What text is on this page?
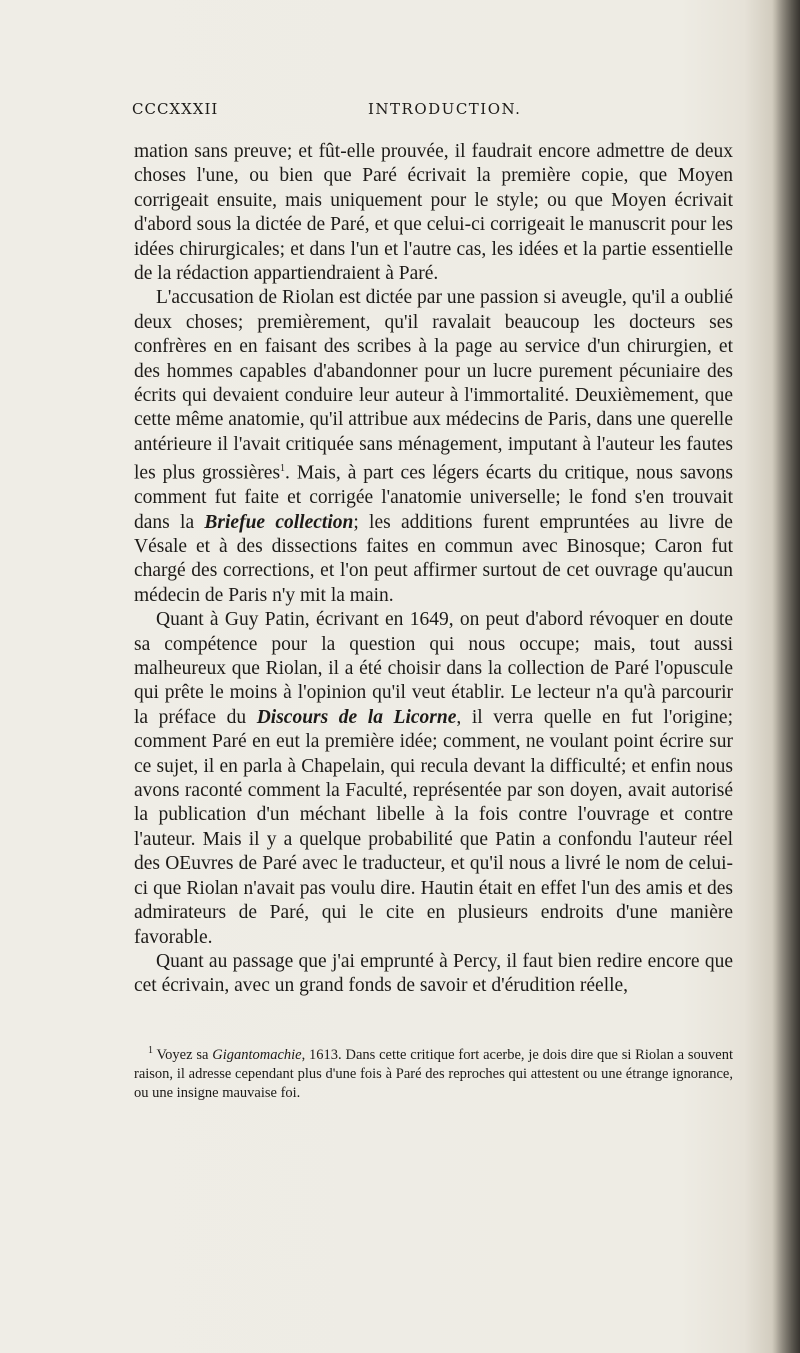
CCCXXXII	INTRODUCTION.

mation sans preuve; et fût-elle prouvée, il faudrait encore admettre de deux choses l'une, ou bien que Paré écrivait la première copie, que Moyen corrigeait ensuite, mais uniquement pour le style; ou que Moyen écrivait d'abord sous la dictée de Paré, et que celui-ci corrigeait le manuscrit pour les idées chirurgicales; et dans l'un et l'autre cas, les idées et la partie essentielle de la rédaction appartiendraient à Paré.

L'accusation de Riolan est dictée par une passion si aveugle, qu'il a oublié deux choses; premièrement, qu'il ravalait beaucoup les docteurs ses confrères en en faisant des scribes à la page au service d'un chirurgien, et des hommes capables d'abandonner pour un lucre purement pécuniaire des écrits qui devaient conduire leur auteur à l'immortalité. Deuxièmement, que cette même anatomie, qu'il attribue aux médecins de Paris, dans une querelle antérieure il l'avait critiquée sans ménagement, imputant à l'auteur les fautes les plus grossières$^1$. Mais, à part ces légers écarts du critique, nous savons comment fut faite et corrigée l'anatomie universelle; le fond s'en trouvait dans la Briefue collection; les additions furent empruntées au livre de Vésale et à des dissections faites en commun avec Binosque; Caron fut chargé des corrections, et l'on peut affirmer surtout de cet ouvrage qu'aucun médecin de Paris n'y mit la main.

Quant à Guy Patin, écrivant en 1649, on peut d'abord révoquer en doute sa compétence pour la question qui nous occupe; mais, tout aussi malheureux que Riolan, il a été choisir dans la collection de Paré l'opuscule qui prête le moins à l'opinion qu'il veut établir. Le lecteur n'a qu'à parcourir la préface du Discours de la Licorne, il verra quelle en fut l'origine; comment Paré en eut la première idée; comment, ne voulant point écrire sur ce sujet, il en parla à Chapelain, qui recula devant la difficulté; et enfin nous avons raconté comment la Faculté, représentée par son doyen, avait autorisé la publication d'un méchant libelle à la fois contre l'ouvrage et contre l'auteur. Mais il y a quelque probabilité que Patin a confondu l'auteur réel des OEuvres de Paré avec le traducteur, et qu'il nous a livré le nom de celui-ci que Riolan n'avait pas voulu dire. Hautin était en effet l'un des amis et des admirateurs de Paré, qui le cite en plusieurs endroits d'une manière favorable.

Quant au passage que j'ai emprunté à Percy, il faut bien redire encore que cet écrivain, avec un grand fonds de savoir et d'érudition réelle,

$^1$ Voyez sa Gigantomachie, 1613. Dans cette critique fort acerbe, je dois dire que si Riolan a souvent raison, il adresse cependant plus d'une fois à Paré des reproches qui attestent ou une étrange ignorance, ou une insigne mauvaise foi.
